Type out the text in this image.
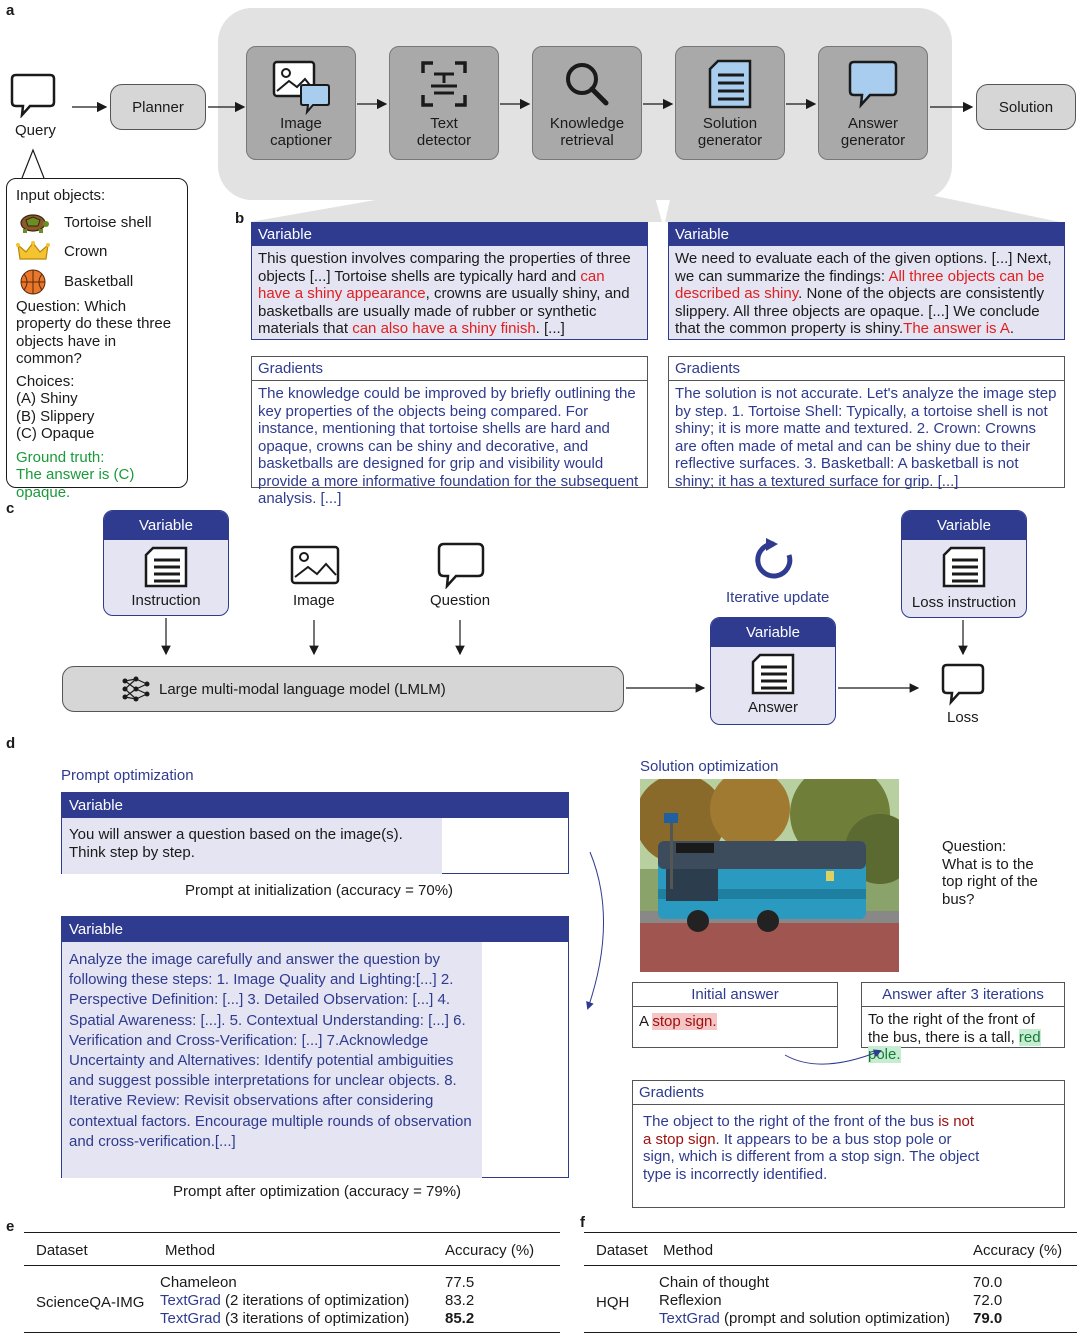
a
Query
Planner	Solution
Image
captioner
Text
detector
Knowledge
retrieval
Solution
generator
Answer
generator
Input objects:
Tortoise shell
Crown
Basketball
Question: Which property do these three objects have in common?
Choices:
(A) Shiny
(B) Slippery
(C) Opaque
Ground truth:
The answer is (C) opaque.
b
Variable
This question involves comparing the properties of three objects [...] Tortoise shells are typically hard and can have a shiny appearance, crowns are usually shiny, and basketballs are usually made of rubber or synthetic materials that can also have a shiny finish. [...]
Gradients
The knowledge could be improved by briefly outlining the key properties of the objects being compared. For instance, mentioning that tortoise shells are hard and opaque, crowns can be shiny and decorative, and basketballs are designed for grip and visibility would provide a more informative foundation for the subsequent analysis. [...]
Variable
We need to evaluate each of the given options. [...] Next, we can summarize the findings: All three objects can be described as shiny. None of the objects are consistently slippery. All three objects are opaque. [...] We conclude that the common property is shiny.The answer is A.
Gradients
The solution is not accurate. Let's analyze the image step by step. 1. Tortoise Shell: Typically, a tortoise shell is not shiny; it is more matte and textured. 2. Crown: Crowns are often made of metal and can be shiny due to their reflective surfaces. 3. Basketball: A basketball is not shiny; it has a textured surface for grip. [...]
c
Variable
Instruction	Image	Question	Iterative update
Variable
Loss instruction
Large multi-modal language model (LMLM)
Variable
Answer
Loss
d
Prompt optimization
Solution optimization
Variable
You will answer a question based on the image(s). Think step by step.
Prompt at initialization (accuracy = 70%)
Variable
Analyze the image carefully and answer the question by following these steps: 1. Image Quality and Lighting:[...] 2. Perspective Definition: [...] 3. Detailed Observation: [...] 4. Spatial Awareness: [...]. 5. Contextual Understanding: [...] 6. Verification and Cross-Verification: [...] 7.Acknowledge Uncertainty and Alternatives: Identify potential ambiguities and suggest possible interpretations for unclear objects. 8. Iterative Review: Revisit observations after considering contextual factors. Encourage multiple rounds of observation and cross-verification.[...]
Prompt after optimization (accuracy = 79%)
Question: What is to the top right of the bus?
Initial answer
A stop sign.
Answer after 3 iterations
To the right of the front of the bus, there is a tall, red pole.
Gradients
The object to the right of the front of the bus is not a stop sign. It appears to be a bus stop pole or sign, which is different from a stop sign. The object type is incorrectly identified.
e
Dataset	Method	Accuracy (%)
ScienceQA-IMG
Chameleon	77.5
TextGrad (2 iterations of optimization) 83.2
TextGrad (3 iterations of optimization) 85.2
f
Dataset Method	Accuracy (%)
HQH
Chain of thought	70.0
Reflexion	72.0
TextGrad (prompt and solution optimization) 79.0
